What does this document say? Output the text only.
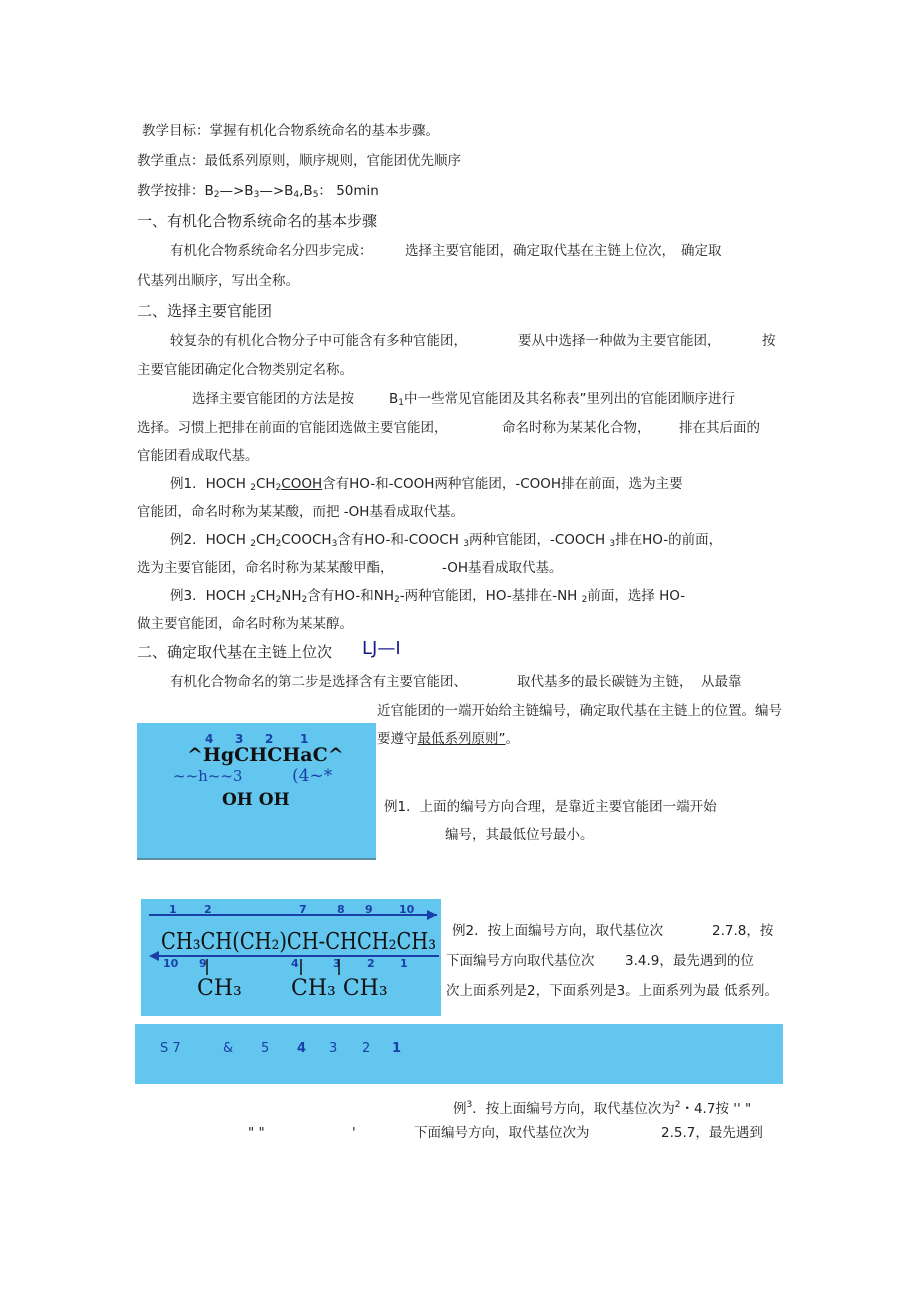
教学目标：掌握有机化合物系统命名的基本步骤。
教学重点：最低系列原则，顺序规则，官能团优先顺序
教学按排：$B_2—>B_3—>B_4,B_5$： 50min
一、有机化合物系统命名的基本步骤
有机化合物系统命名分四步完成： 选择主要官能团，确定取代基在主链上位次， 确定取
代基列出顺序，写出全称。
二、选择主要官能团
较复杂的有机化合物分子中可能含有多种官能团，	要从中选择一种做为主要官能团，	按
主要官能团确定化合物类别定名称。
选择主要官能团的方法是按	$B_1$中一些常见官能团及其名称表”里列出的官能团顺序进行
选择。习惯上把排在前面的官能团选做主要官能团，	命名时称为某某化合物， 排在其后面的
官能团看成取代基。
例1．HOCH $_2CH_2COOH$含有HO-和-COOH两种官能团，-COOH排在前面，选为主要
官能团，命名时称为某某酸，而把 -OH基看成取代基。
例2．HOCH $_2CH_2COOCH_3$含有HO-和-COOCH $_3$两种官能团，-COOCH $_3$排在HO-的前面，
选为主要官能团，命名时称为某某酸甲酯，	-OH基看成取代基。
例3．HOCH $_2CH_2NH_2$含有HO-和$NH_2-$两种官能团，HO-基排在-NH $_2$前面，选择 HO-
做主要官能团，命名时称为某某醇。
二、确定取代基在主链上位次 LJ—I
有机化合物命名的第二步是选择含有主要官能团、	取代基多的最长碳链为主链， 从最靠
近官能团的一端开始给主链编号，确定取代基在主链上的位置。编号
要遵守最低系列原则”。
4 3 2 1
^HgCHCHaC^
~~h~~3	(4~*
OH OH	例1．上面的编号方向合理，是靠近主要官能团一端开始
编号，其最低位号最小。
1 2	7	8 9 10
CH₃CH(CH₂)CH-CHCH₂CH₃
10 9	4	3 2 1
CH₃ CH₃ CH₃
例2．按上面编号方向，取代基位次	2.7.8，按
下面编号方向取代基位次 3.4.9，最先遇到的位
次上面系列是2，下面系列是3。上面系列为最 低系列。
S 7	& 5 4 3 2 1
例$^3$．按上面编号方向，取代基位次为$^2$・4.7按 '' "
" "	'	下面编号方向，取代基位次为	2.5.7，最先遇到
